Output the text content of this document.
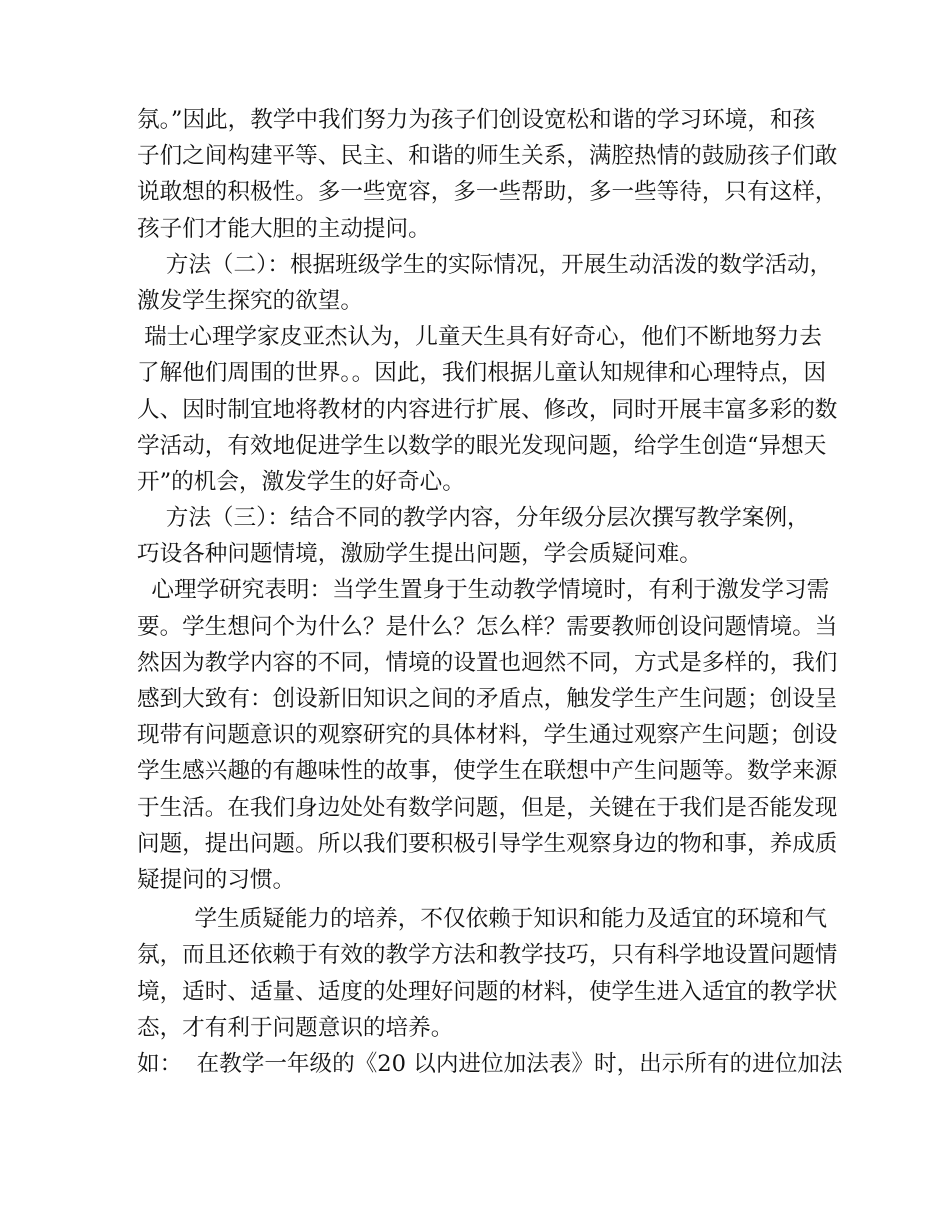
氛。”因此，教学中我们努力为孩子们创设宽松和谐的学习环境，和孩
子们之间构建平等、民主、和谐的师生关系，满腔热情的鼓励孩子们敢
说敢想的积极性。多一些宽容，多一些帮助，多一些等待，只有这样，
孩子们才能大胆的主动提问。
方法（二）：根据班级学生的实际情况，开展生动活泼的数学活动，
激发学生探究的欲望。
瑞士心理学家皮亚杰认为，儿童天生具有好奇心，他们不断地努力去
了解他们周围的世界。。因此，我们根据儿童认知规律和心理特点，因
人、因时制宜地将教材的内容进行扩展、修改，同时开展丰富多彩的数
学活动，有效地促进学生以数学的眼光发现问题，给学生创造“异想天
开”的机会，激发学生的好奇心。
方法（三）：结合不同的教学内容，分年级分层次撰写教学案例，
巧设各种问题情境，激励学生提出问题，学会质疑问难。
心理学研究表明：当学生置身于生动教学情境时，有利于激发学习需
要。学生想问个为什么？是什么？怎么样？需要教师创设问题情境。当
然因为教学内容的不同，情境的设置也迥然不同，方式是多样的，我们
感到大致有：创设新旧知识之间的矛盾点，触发学生产生问题；创设呈
现带有问题意识的观察研究的具体材料，学生通过观察产生问题；创设
学生感兴趣的有趣味性的故事，使学生在联想中产生问题等。数学来源
于生活。在我们身边处处有数学问题，但是，关键在于我们是否能发现
问题，提出问题。所以我们要积极引导学生观察身边的物和事，养成质
疑提问的习惯。
学生质疑能力的培养，不仅依赖于知识和能力及适宜的环境和气
氛，而且还依赖于有效的教学方法和教学技巧，只有科学地设置问题情
境，适时、适量、适度的处理好问题的材料，使学生进入适宜的教学状
态，才有利于问题意识的培养。
如：  在教学一年级的《20 以内进位加法表》时，出示所有的进位加法
